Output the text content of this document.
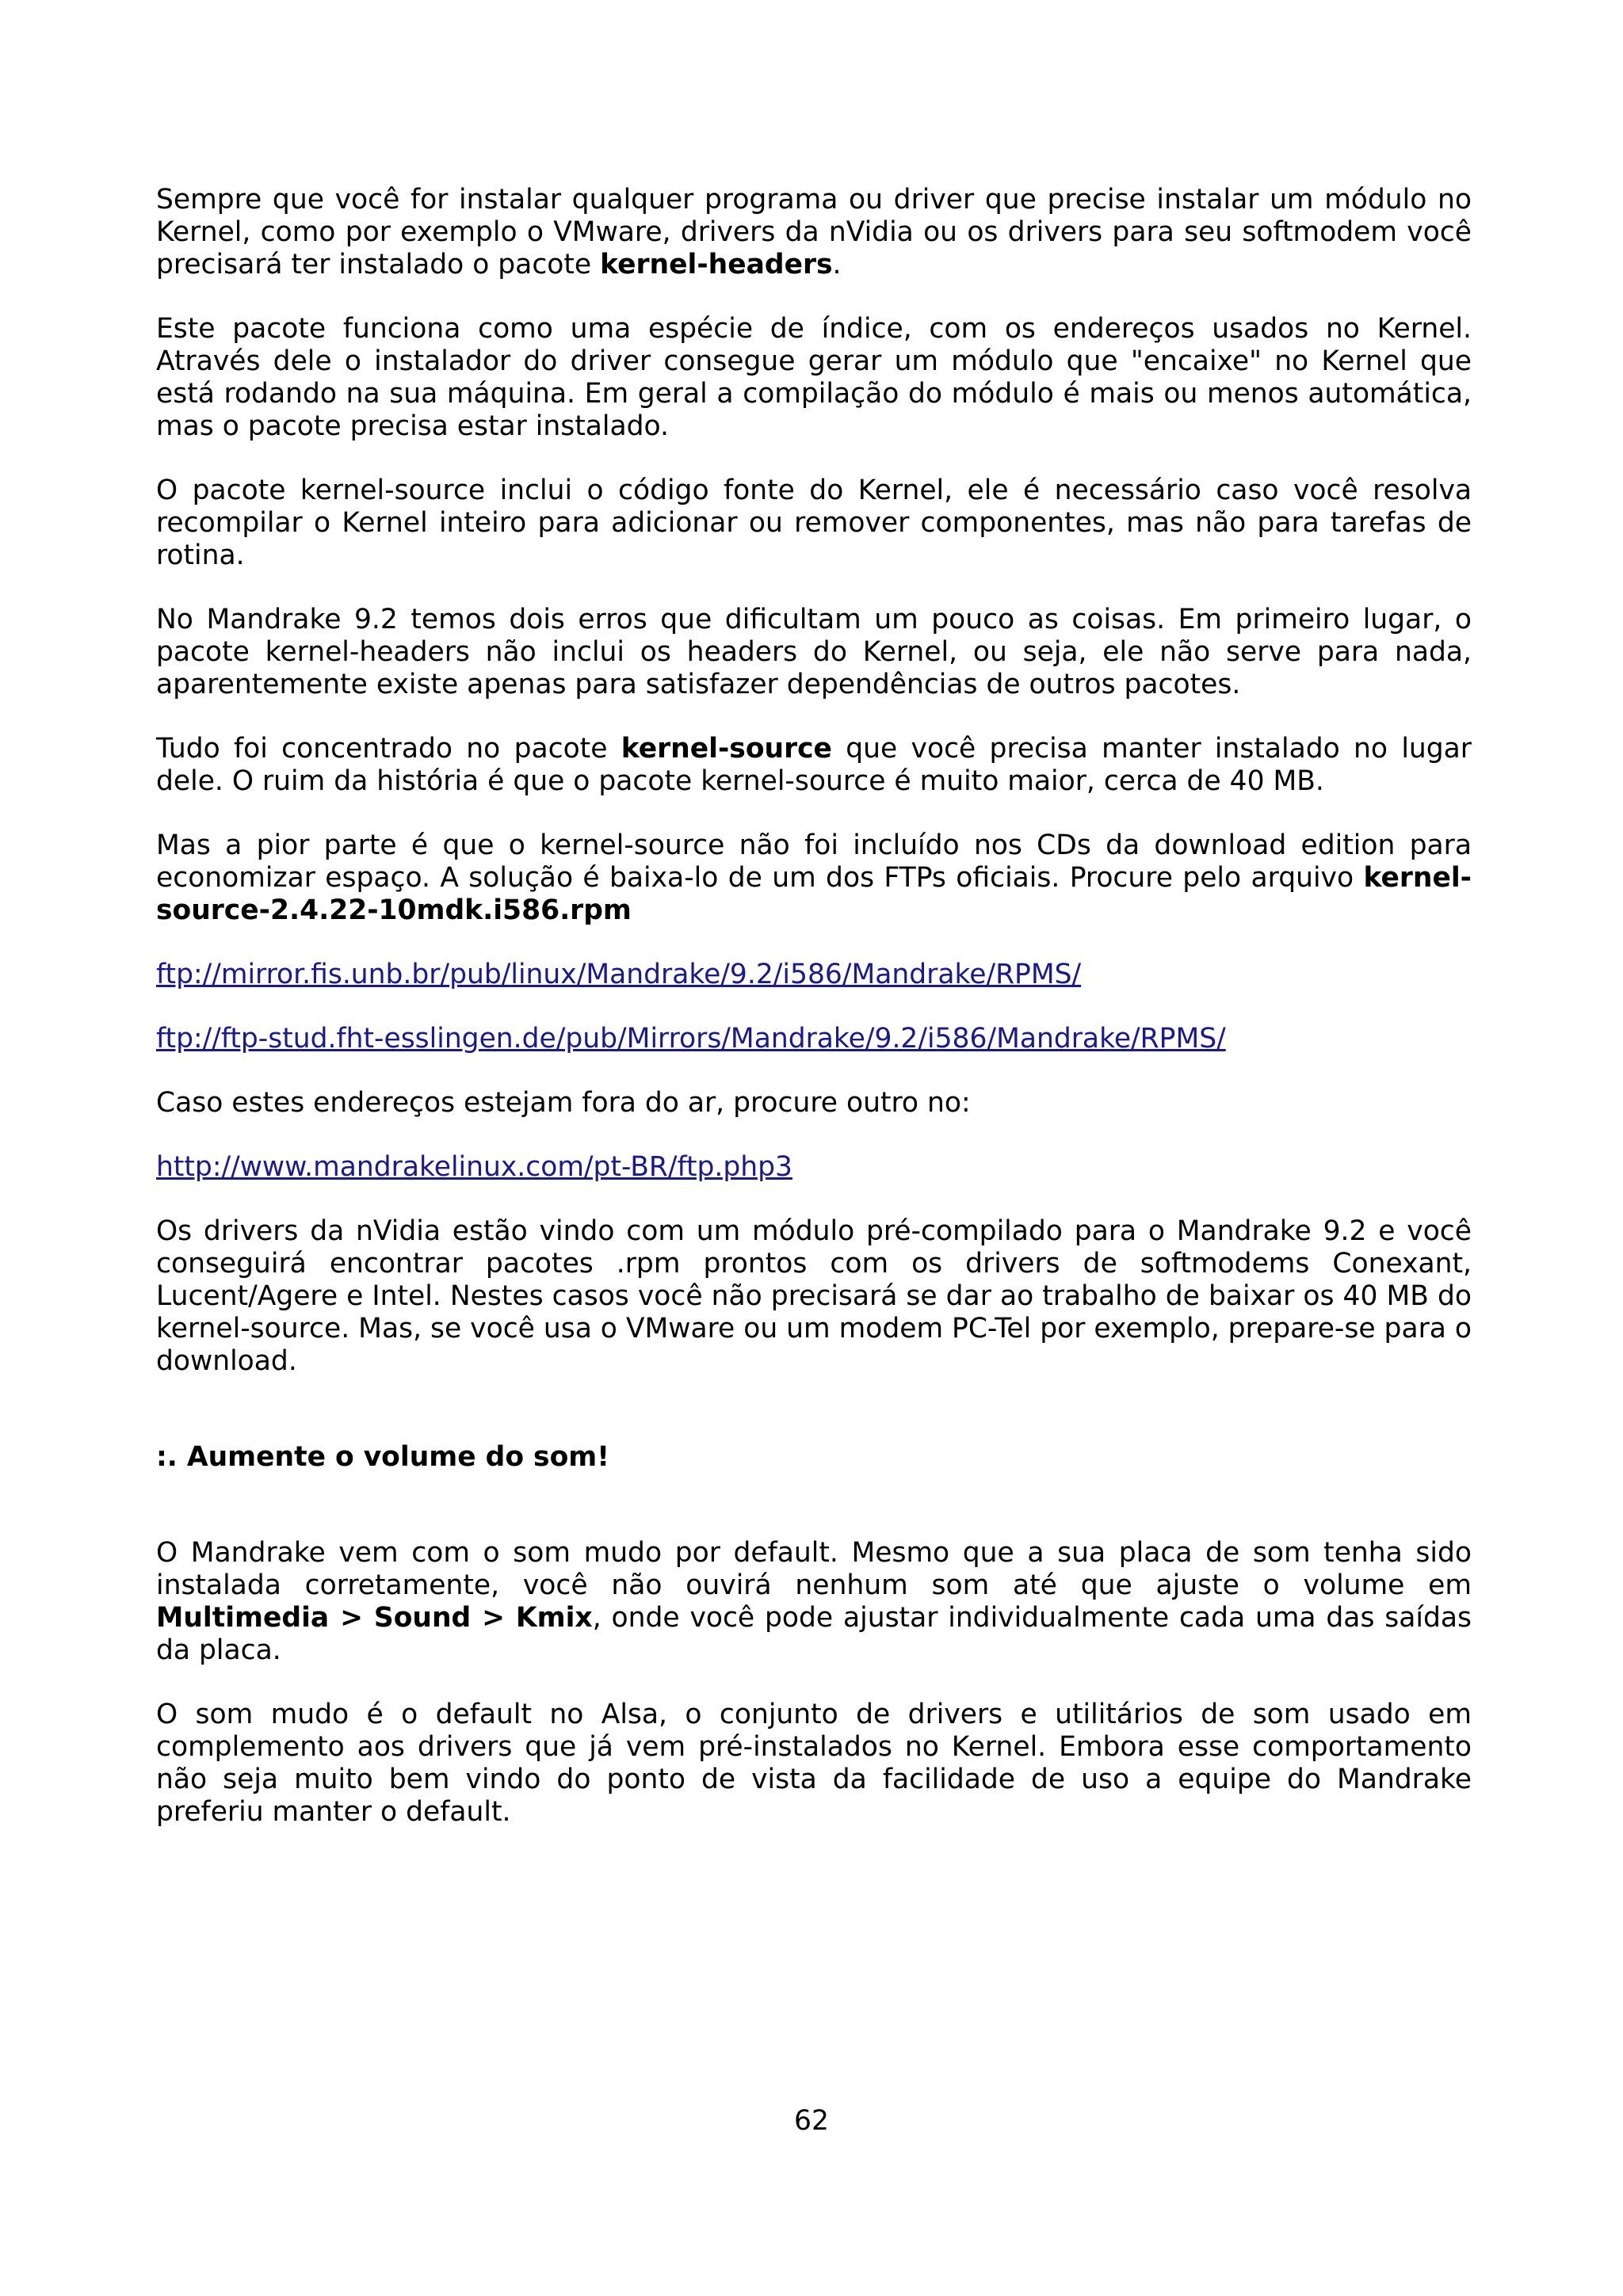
Sempre que você for instalar qualquer programa ou driver que precise instalar um módulo no Kernel, como por exemplo o VMware, drivers da nVidia ou os drivers para seu softmodem você precisará ter instalado o pacote kernel-headers.

Este pacote funciona como uma espécie de índice, com os endereços usados no Kernel. Através dele o instalador do driver consegue gerar um módulo que "encaixe" no Kernel que está rodando na sua máquina. Em geral a compilação do módulo é mais ou menos automática, mas o pacote precisa estar instalado.

O pacote kernel-source inclui o código fonte do Kernel, ele é necessário caso você resolva recompilar o Kernel inteiro para adicionar ou remover componentes, mas não para tarefas de rotina.

No Mandrake 9.2 temos dois erros que dificultam um pouco as coisas. Em primeiro lugar, o pacote kernel-headers não inclui os headers do Kernel, ou seja, ele não serve para nada, aparentemente existe apenas para satisfazer dependências de outros pacotes.

Tudo foi concentrado no pacote kernel-source que você precisa manter instalado no lugar dele. O ruim da história é que o pacote kernel-source é muito maior, cerca de 40 MB.

Mas a pior parte é que o kernel-source não foi incluído nos CDs da download edition para economizar espaço. A solução é baixa-lo de um dos FTPs oficiais. Procure pelo arquivo kernel-source-2.4.22-10mdk.i586.rpm

ftp://mirror.fis.unb.br/pub/linux/Mandrake/9.2/i586/Mandrake/RPMS/

ftp://ftp-stud.fht-esslingen.de/pub/Mirrors/Mandrake/9.2/i586/Mandrake/RPMS/

Caso estes endereços estejam fora do ar, procure outro no:

http://www.mandrakelinux.com/pt-BR/ftp.php3

Os drivers da nVidia estão vindo com um módulo pré-compilado para o Mandrake 9.2 e você conseguirá encontrar pacotes .rpm prontos com os drivers de softmodems Conexant, Lucent/Agere e Intel. Nestes casos você não precisará se dar ao trabalho de baixar os 40 MB do kernel-source. Mas, se você usa o VMware ou um modem PC-Tel por exemplo, prepare-se para o download.

:. Aumente o volume do som!

O Mandrake vem com o som mudo por default. Mesmo que a sua placa de som tenha sido instalada corretamente, você não ouvirá nenhum som até que ajuste o volume em Multimedia > Sound > Kmix, onde você pode ajustar individualmente cada uma das saídas da placa.

O som mudo é o default no Alsa, o conjunto de drivers e utilitários de som usado em complemento aos drivers que já vem pré-instalados no Kernel. Embora esse comportamento não seja muito bem vindo do ponto de vista da facilidade de uso a equipe do Mandrake preferiu manter o default.

62
